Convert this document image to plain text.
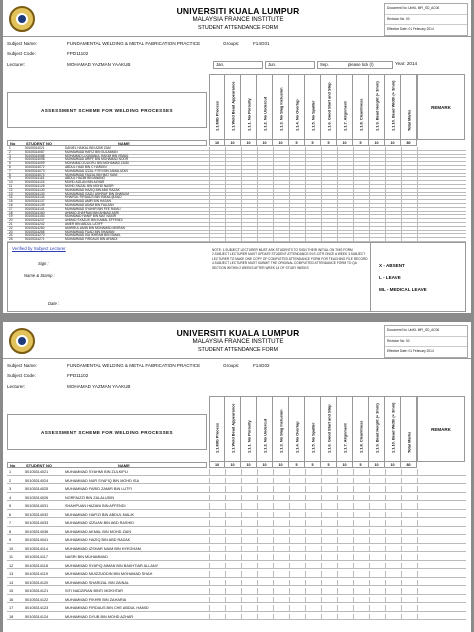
UNIVERSITI KUALA LUMPUR
MALAYSIA FRANCE INSTITUTE
STUDENT ATTENDANCE FORM
Document No: UniKL MFI_SD_AC06
Revision No: 00
Effective Date: 01 February 2014
Subject Name:	FUNDAMENTAL WELDING & METAL FABRICATION PRACTICE	Groups:	F14G01
Subject Code:	FPD11102
Lecturer:	MOHAMAD YAZMAN YAAKUB	Jan.	Jun.	Sep.	please tick (/)	Year: 2014
ASSESSMENT SCHEME FOR WELDING PROCESSES	1.1.MIG Process	1.1.Weld Bead Appearance	1.1.1. No Porosity	1.1.2. No Undercut	1.1.3. No Slag Inclusion	1.1.4. No Overlap	1.1.5. No Spatter	1.1.6. Good Start and Stop	1.1.7. Alignment	1.1.8. Cleanliness	1.1.9. Bead Height (+ 3mm)	1.1.10. Bead Width (+ 3mm)	Total Marks
REMARK
10	10	10	10	10	5	5	5	10	5	10	10	80
No	STUDENT NO	NAME
1	50105314021	DANIEL HAIKAL BIN AZMI ZAM
2	50105314087	MUHAMMAD HAFIZ BIN SULAIMAN
3	50105314088	MOHAMAD LUQMANUL HAKIM BIN ISMAIL
4	50105314098	MUHAMMAD ARIFF BIN MOHAMAD NOOR
5	50105314099	MOHAMAD ZULKIFLI BIN MOHAMAD ZAIDI
6	50105314072	ABDUL HADI BIN C HARDIN
7	50105314073	MUHAMMAD IZZUL FITRI BIN JAMALUDIN
8	50105314074	MUHAMMAD FAIZAL BIN MAT SANI
9	50105314115	ABDUL HAZIM BIN AWANG
10	50105314124	MOHD AIZLAN BIN AZHAR
11	50105314125	MOHD FAIZAL BIN MOHD NASIR
12	50105314130	MUHAMMAD HAZIQ BIN ABD RAZAK
13	50105314133	MUHAMMAD GAZLI ASHRAF BIN SHABLIM
14	50105314134	KHAIRUL FIRDAUS BIN ISMAIL@ZAID
15	50105314137	MUHAMMAD AMIR BIN HASAN
16	50105314139	MUHAMMAD ADAM BIN FAUZAN
17	50105314141	MUHAMMAD SYAHIR BIN FEE RAMLI
18	50105314160	AHMAD ZHAFRAN BIN AHMAD ASRI
19	50105314183	MUHAMAD HANIF BIN MAT NASIR
20	50105314237	AHMAD SYAZLIE BIN KAMAL EFFENDI
21	50105314242	AMER BIN ABDUL LATIFF
22	50105314260	AMIRRUL AMIN BIN MOHAMAD MISRAN
23	50105314265	MUHAMMAD FUAD BIN SHAMAN
24	50105314270	MUHAMMAD ISA IKHRAM BIN ISMAIL
25	50105314271	MUHAMMAD FIRDAUS BIN AFANDI
Verified by Subject Lecturer
Sign :
Name & Stamp :
Date :
NOTE: 1.SUBJECT LECTURER MUST ASK STUDENTS TO SIGN THEIR INITIAL ON THIS FORM 2.SUBJECT LECTURER MUST UPDATE STUDENT ATTENDANCE IN E-CITR ONCE A WEEK 3.SUBJECT LECTURER TO MAKE ONE COPY OF COMPLETED ATTENDANCE FORM FOR TEACHING FILE RECORD 4.SUBJECT LECTURER MUST SUBMIT THE ORIGINAL COMPLETED ATTENDANCE FORM TO QA SECTION WITHIN 2 WEEKS AFTER WEEK 14 OF STUDY WEEKS	X - ABSENT
L - LEAVE
ML - MEDICAL LEAVE
UNIVERSITI KUALA LUMPUR
MALAYSIA FRANCE INSTITUTE
STUDENT ATTENDANCE FORM
Document No: UniKL MFI_SD_AC06
Revision No: 00
Effective Date: 01 February 2014
Subject Name:	FUNDAMENTAL WELDING & METAL FABRICATION PRACTICE	Groups:	F14G02
Subject Code:	FPD11102
Lecturer:	MOHAMAD YAZMAN YAAKUB
ASSESSMENT SCHEME FOR WELDING PROCESSES	1.1.MIG Process	1.1.Weld Bead Appearance	1.1.1. No Porosity	1.1.2. No Undercut	1.1.3. No Slag Inclusion	1.1.4. No Overlap	1.1.5. No Spatter	1.1.6. Good Start and Stop	1.1.7. Alignment	1.1.8. Cleanliness	1.1.9. Bead Height (+ 3mm)	1.1.10. Bead Width (+ 3mm)	Total Marks
REMARK
10	10	10	10	10	5	5	5	10	5	10	10	80
No	STUDENT NO	NAME
1	50105314021	MUHAMMAD SYAHMI BIN ZULKIPLI
2	50105314024	MUHAMMAD NUR SYAFIQ BIN MOHD ISA
3	50105314025	MUHAMMAD FARID ZAMIR BIN LUTFI
4	50105314026	NORFAIZZI BIN ZALALUDIN
5	50105314031	SHAHPUAN HAZANI BIN AFFENDI
6	50105314032	MUHAMMAD HAFIZI BIN ABDUL MALIK
7	50105314033	MUHAMMAD IZZUAN BIN ABD RASHID
8	50105314036	MUHAMMAD AKMAL BIN MOHD ZAIN
9	50105314041	MUHAMMAD HAZIQ BIN ABD RAZAK
10	50105314114	MUHAMMAD IZSHAR NAIM BIN HYEGHAM
11	50105314117	NASRI BIN MUHAMMAD
12	50105314118	MUHAMMAD SYAFIQ AIMAN BIN BAKHTIAR ALLANY
13	50105314119	MUHAMMAD MUIZZUDDIN BIN MOHAMAD SHAH
14	50105314120	MUHAMMAD SHARIZAL BIN ZAINAL
15	50105314121	SITI NADZIRAN BINTI MOKHTAR
16	50105314122	MUHAMMAD FIKHRI BIN ZAHARIA
17	50105314123	MUHAMMAD FIRDAUS BIN CHE ABDUL HAMID
18	50105314124	MUHAMMAD DYUB BIN MOHD AZHAR
